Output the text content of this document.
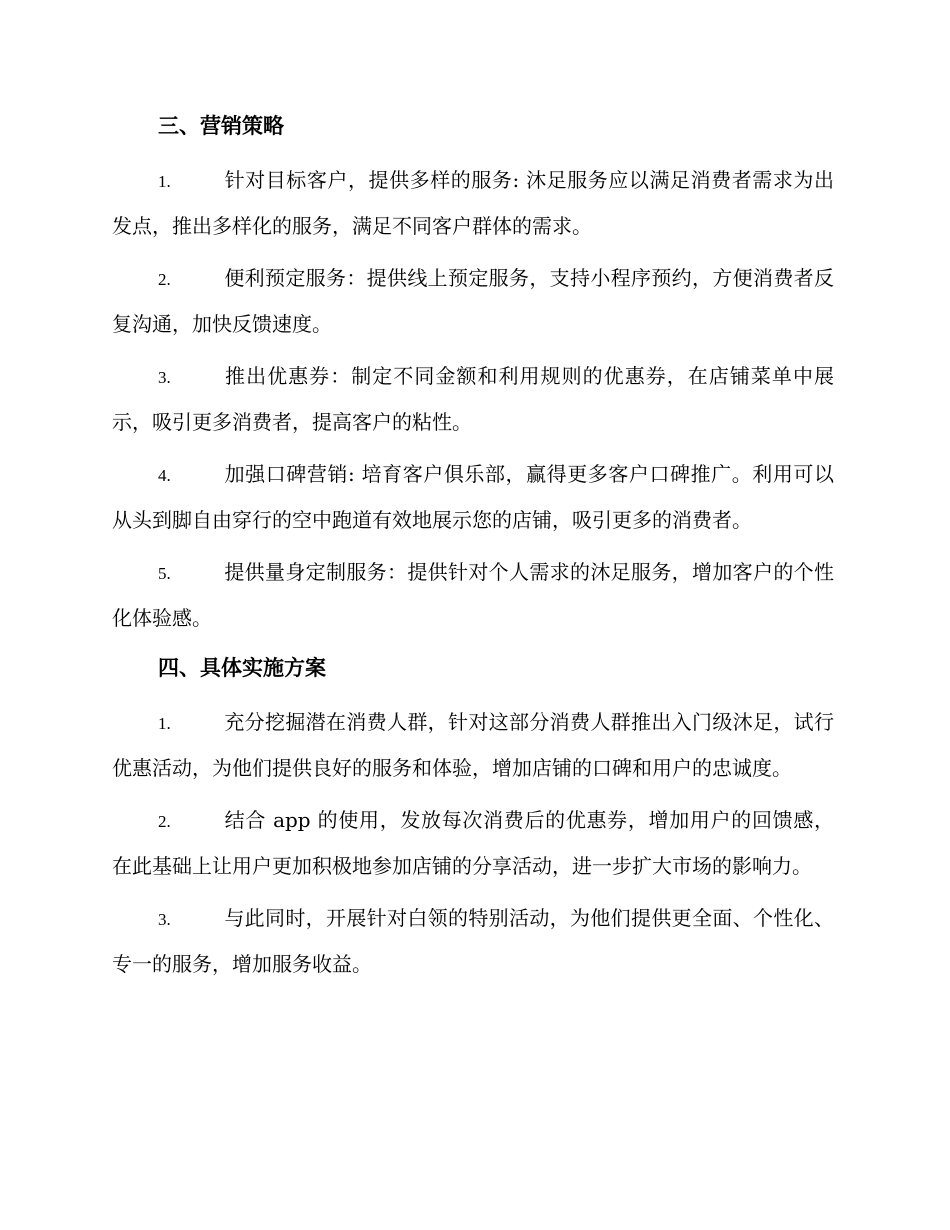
三、营销策略

1.	针对目标客户，提供多样的服务: 沐足服务应以满足消费者需求为出发点，推出多样化的服务，满足不同客户群体的需求。

2.	便利预定服务：提供线上预定服务，支持小程序预约，方便消费者反复沟通，加快反馈速度。

3.	推出优惠券：制定不同金额和利用规则的优惠券，在店铺菜单中展示，吸引更多消费者，提高客户的粘性。

4.	加强口碑营销: 培育客户俱乐部，赢得更多客户口碑推广。利用可以从头到脚自由穿行的空中跑道有效地展示您的店铺，吸引更多的消费者。

5.	提供量身定制服务：提供针对个人需求的沐足服务，增加客户的个性化体验感。

四、具体实施方案

1.	充分挖掘潜在消费人群，针对这部分消费人群推出入门级沐足，试行优惠活动，为他们提供良好的服务和体验，增加店铺的口碑和用户的忠诚度。

2.	结合 app 的使用，发放每次消费后的优惠券，增加用户的回馈感，在此基础上让用户更加积极地参加店铺的分享活动，进一步扩大市场的影响力。

3.	与此同时，开展针对白领的特别活动，为他们提供更全面、个性化、专一的服务，增加服务收益。
